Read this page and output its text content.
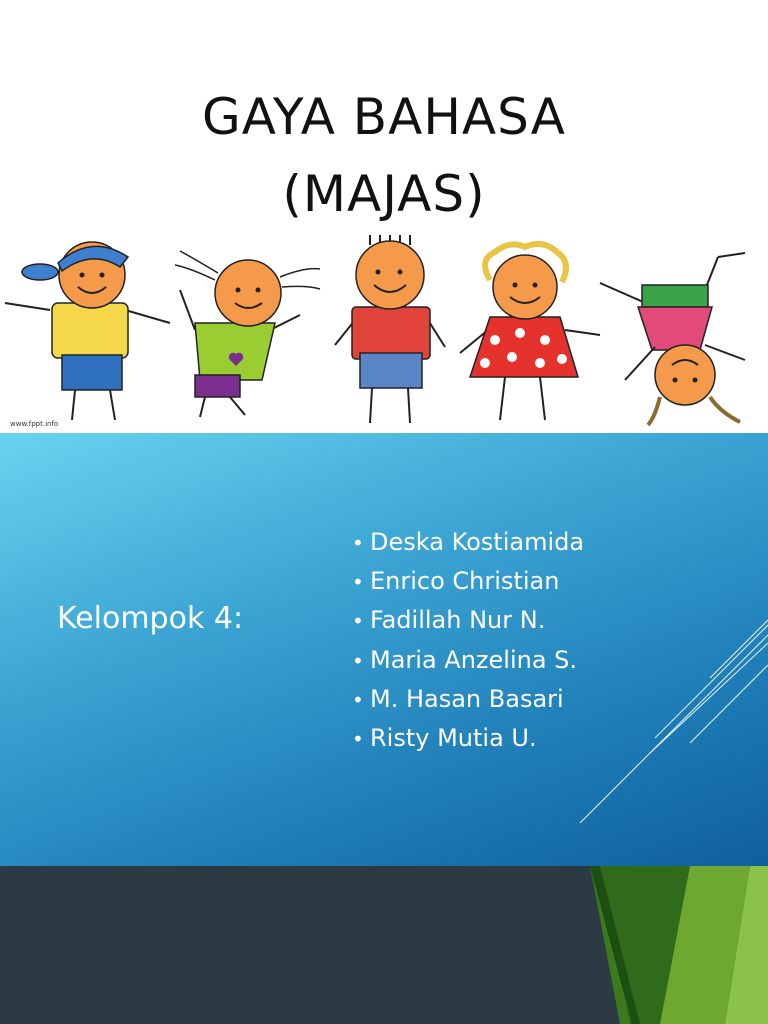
GAYA BAHASA
(MAJAS)
www.fppt.info
Kelompok 4:
• Deska Kostiamida
• Enrico Christian
• Fadillah Nur N.
• Maria Anzelina S.
• M. Hasan Basari
• Risty Mutia U.
